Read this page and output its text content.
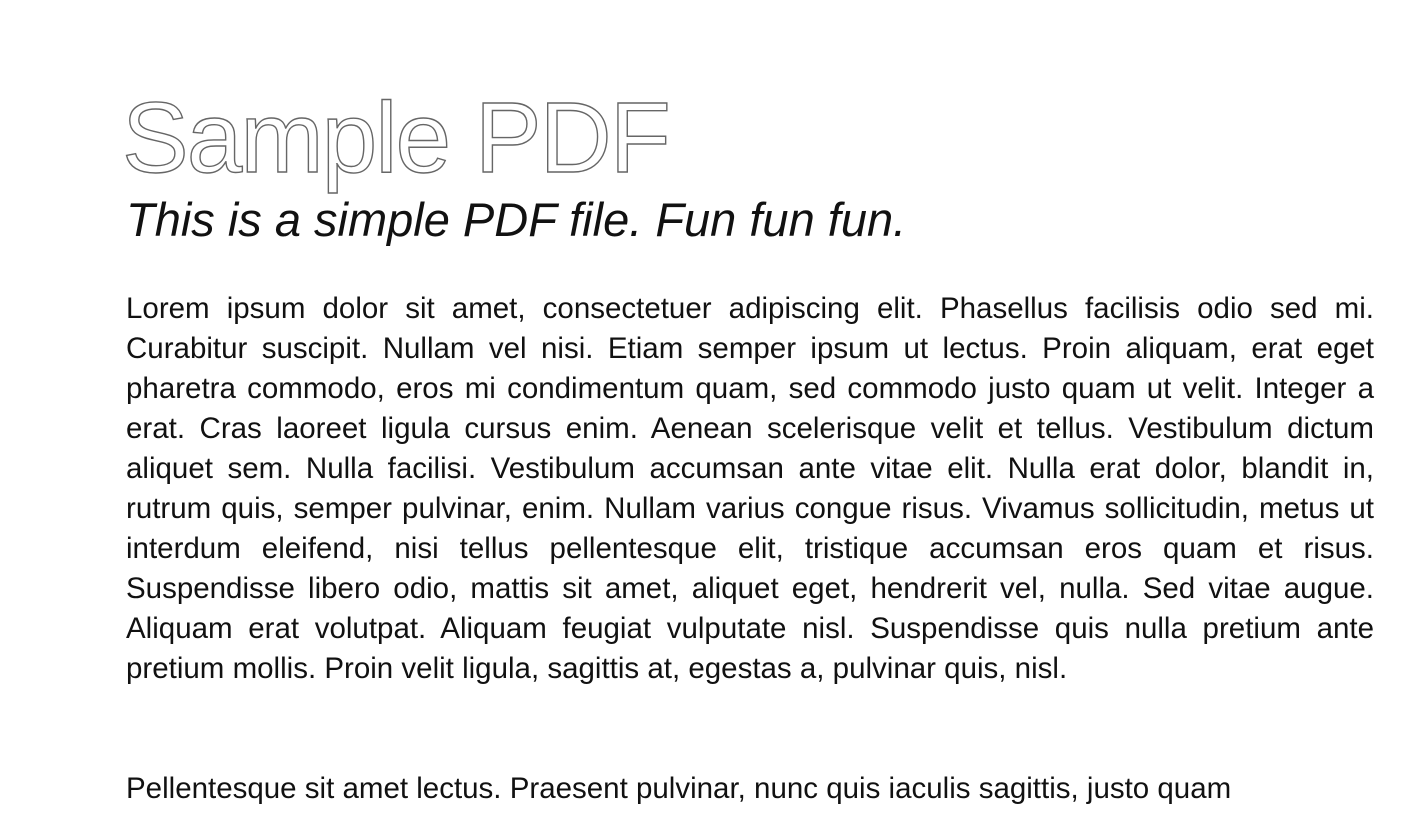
Sample PDF
This is a simple PDF file. Fun fun fun.

Lorem ipsum dolor sit amet, consectetuer adipiscing elit. Phasellus facilisis odio sed mi. Curabitur suscipit. Nullam vel nisi. Etiam semper ipsum ut lectus. Proin aliquam, erat eget pharetra commodo, eros mi condimentum quam, sed commodo justo quam ut velit. Integer a erat. Cras laoreet ligula cursus enim. Aenean scelerisque velit et tellus. Vestibulum dictum aliquet sem. Nulla facilisi. Vestibulum accumsan ante vitae elit. Nulla erat dolor, blandit in, rutrum quis, semper pulvinar, enim. Nullam varius congue risus. Vivamus sollicitudin, metus ut interdum eleifend, nisi tellus pellentesque elit, tristique accumsan eros quam et risus. Suspendisse libero odio, mattis sit amet, aliquet eget, hendrerit vel, nulla. Sed vitae augue. Aliquam erat volutpat. Aliquam feugiat vulputate nisl. Suspendisse quis nulla pretium ante pretium mollis. Proin velit ligula, sagittis at, egestas a, pulvinar quis, nisl.

Pellentesque sit amet lectus. Praesent pulvinar, nunc quis iaculis sagittis, justo quam
